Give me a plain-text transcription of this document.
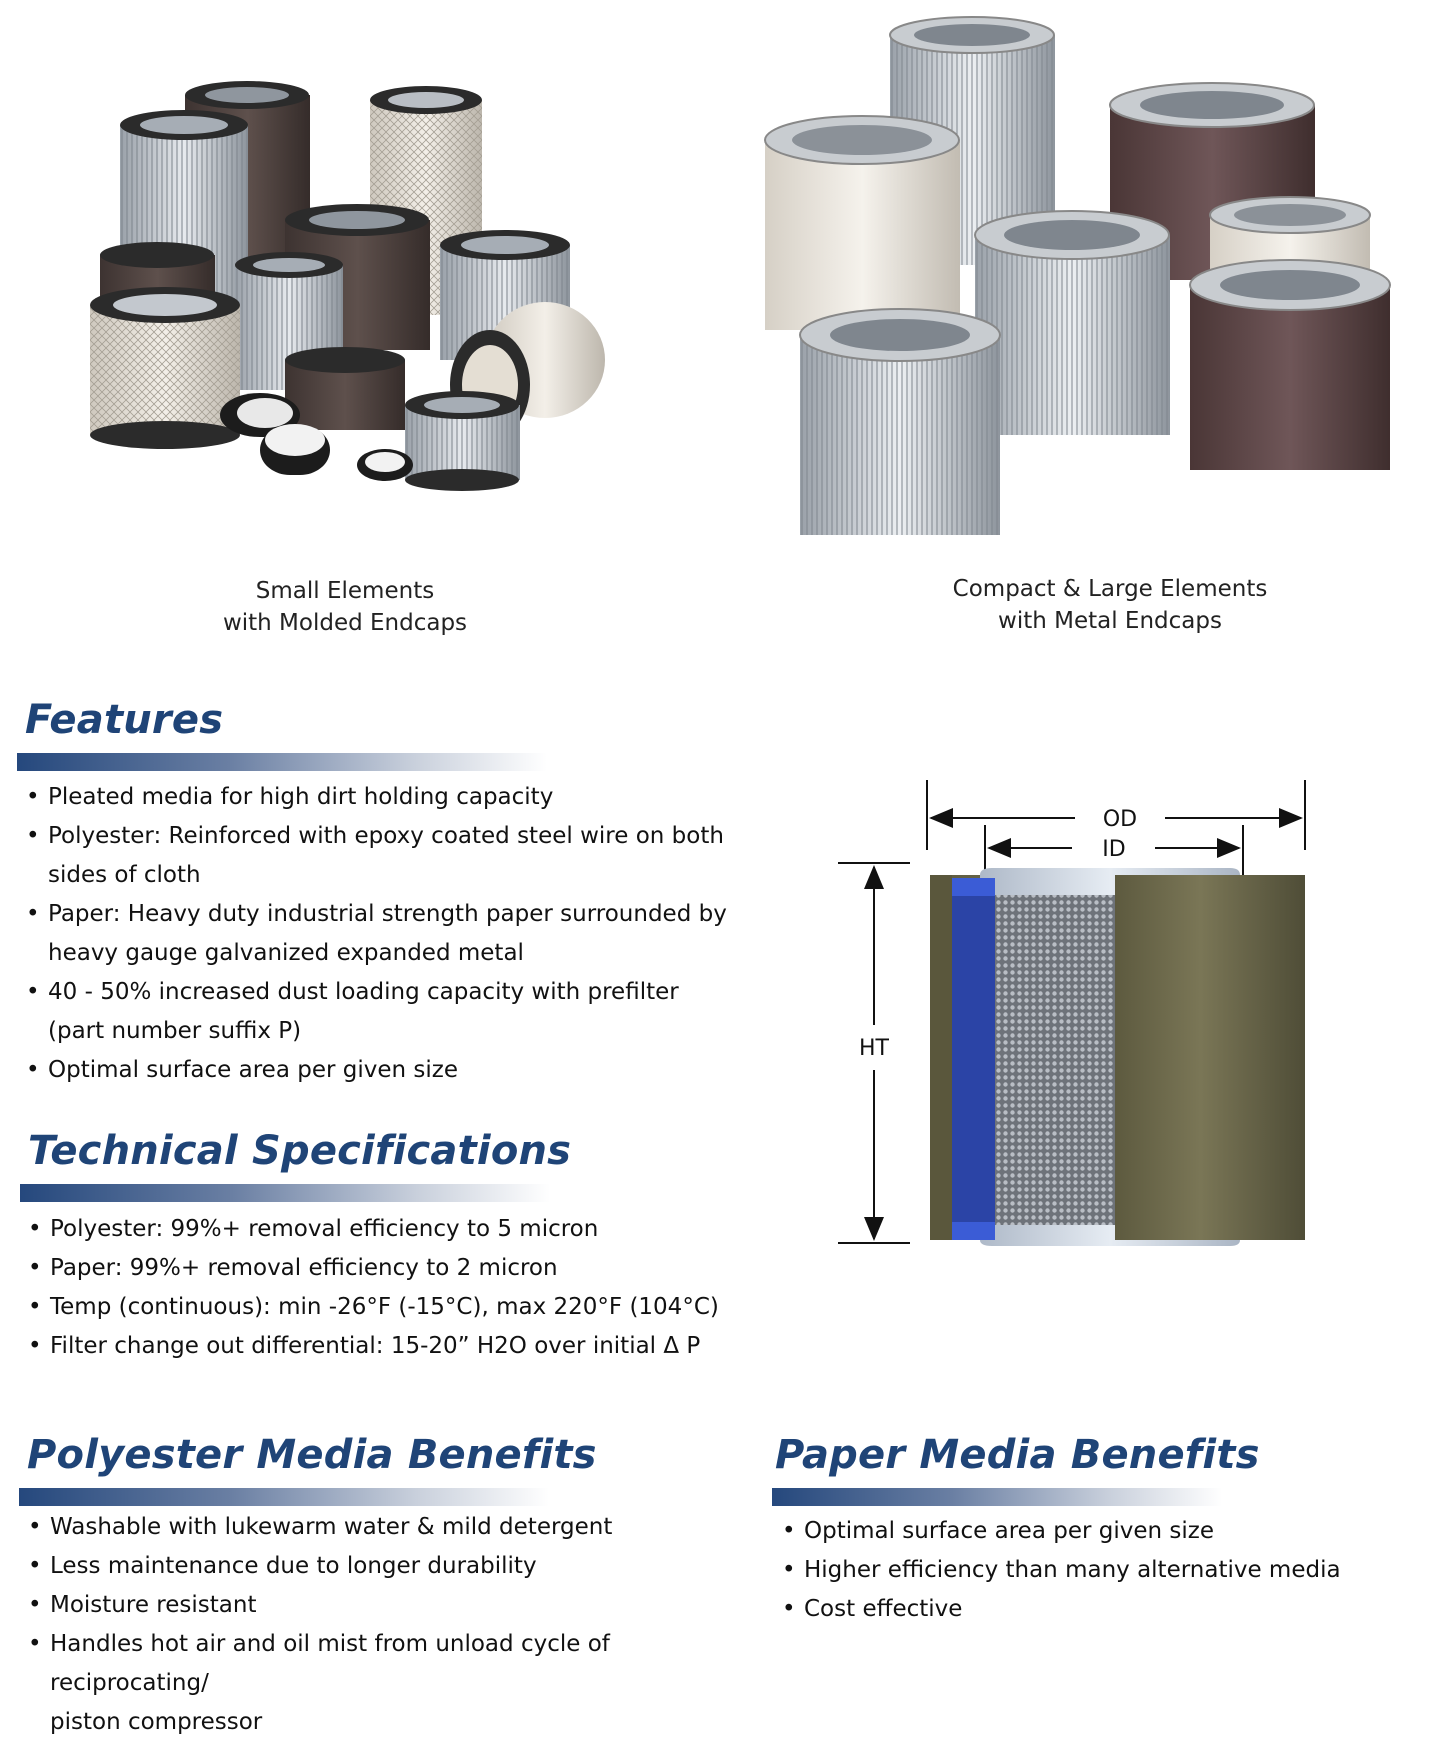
Small Elements
with Molded Endcaps
Compact & Large Elements
with Metal Endcaps
Features
• Pleated media for high dirt holding capacity
• Polyester: Reinforced with epoxy coated steel wire on both
sides of cloth
• Paper: Heavy duty industrial strength paper surrounded by
heavy gauge galvanized expanded metal
• 40 - 50% increased dust loading capacity with prefilter
(part number suffix P)
• Optimal surface area per given size
Technical Specifications
• Polyester: 99%+ removal efficiency to 5 micron
• Paper: 99%+ removal efficiency to 2 micron
• Temp (continuous): min -26°F (-15°C), max 220°F (104°C)
• Filter change out differential: 15-20” H2O over initial Δ P
OD
ID
HT
Polyester Media Benefits
• Washable with lukewarm water & mild detergent
• Less maintenance due to longer durability
• Moisture resistant
• Handles hot air and oil mist from unload cycle of reciprocating/
piston compressor
Paper Media Benefits
• Optimal surface area per given size
• Higher efficiency than many alternative media
• Cost effective
